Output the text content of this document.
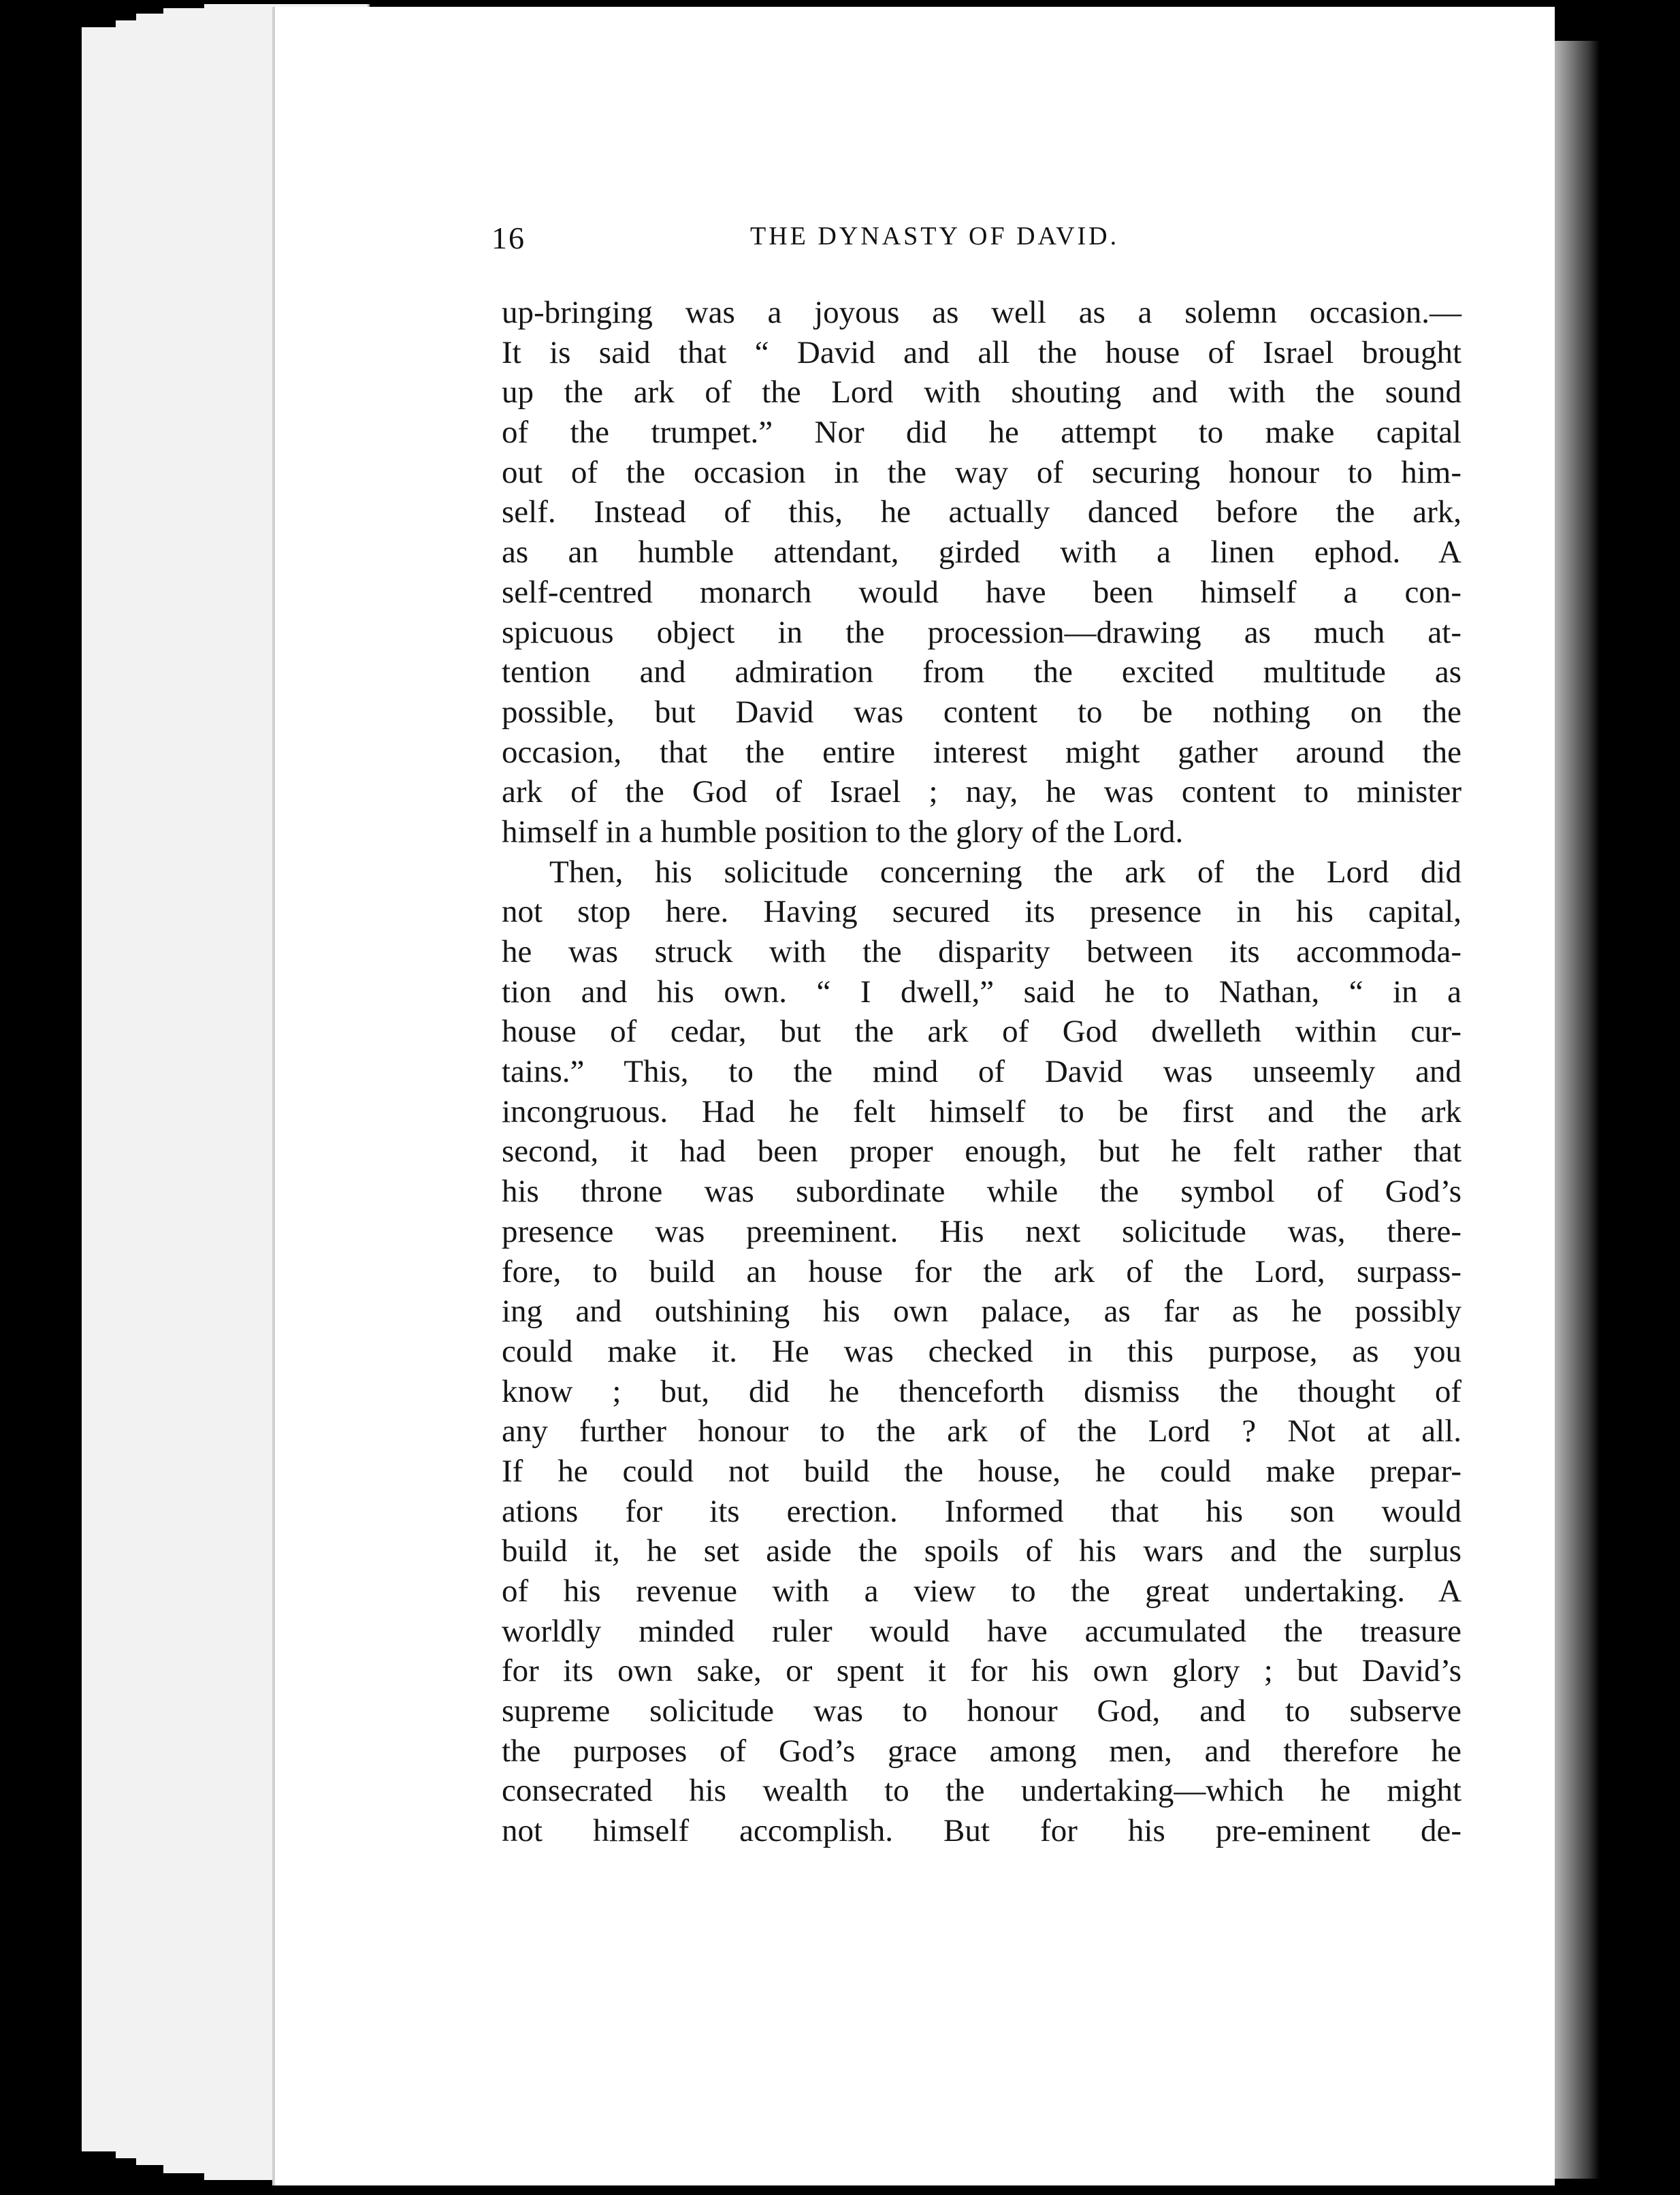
16	THE DYNASTY OF DAVID.
up-bringing was a joyous as well as a solemn occasion.—
It is said that “ David and all the house of Israel brought
up the ark of the Lord with shouting and with the sound
of the trumpet.” Nor did he attempt to make capital
out of the occasion in the way of securing honour to him-
self. Instead of this, he actually danced before the ark,
as an humble attendant, girded with a linen ephod. A
self-centred monarch would have been himself a con-
spicuous object in the procession—drawing as much at-
tention and admiration from the excited multitude as
possible, but David was content to be nothing on the
occasion, that the entire interest might gather around the
ark of the God of Israel ; nay, he was content to minister
himself in a humble position to the glory of the Lord.
Then, his solicitude concerning the ark of the Lord did
not stop here. Having secured its presence in his capital,
he was struck with the disparity between its accommoda-
tion and his own. “ I dwell,” said he to Nathan, “ in a
house of cedar, but the ark of God dwelleth within cur-
tains.” This, to the mind of David was unseemly and
incongruous. Had he felt himself to be first and the ark
second, it had been proper enough, but he felt rather that
his throne was subordinate while the symbol of God’s
presence was preeminent. His next solicitude was, there-
fore, to build an house for the ark of the Lord, surpass-
ing and outshining his own palace, as far as he possibly
could make it. He was checked in this purpose, as you
know ; but, did he thenceforth dismiss the thought of
any further honour to the ark of the Lord ? Not at all.
If he could not build the house, he could make prepar-
ations for its erection. Informed that his son would
build it, he set aside the spoils of his wars and the surplus
of his revenue with a view to the great undertaking. A
worldly minded ruler would have accumulated the treasure
for its own sake, or spent it for his own glory ; but David’s
supreme solicitude was to honour God, and to subserve
the purposes of God’s grace among men, and therefore he
consecrated his wealth to the undertaking—which he might
not himself accomplish. But for his pre-eminent de-
